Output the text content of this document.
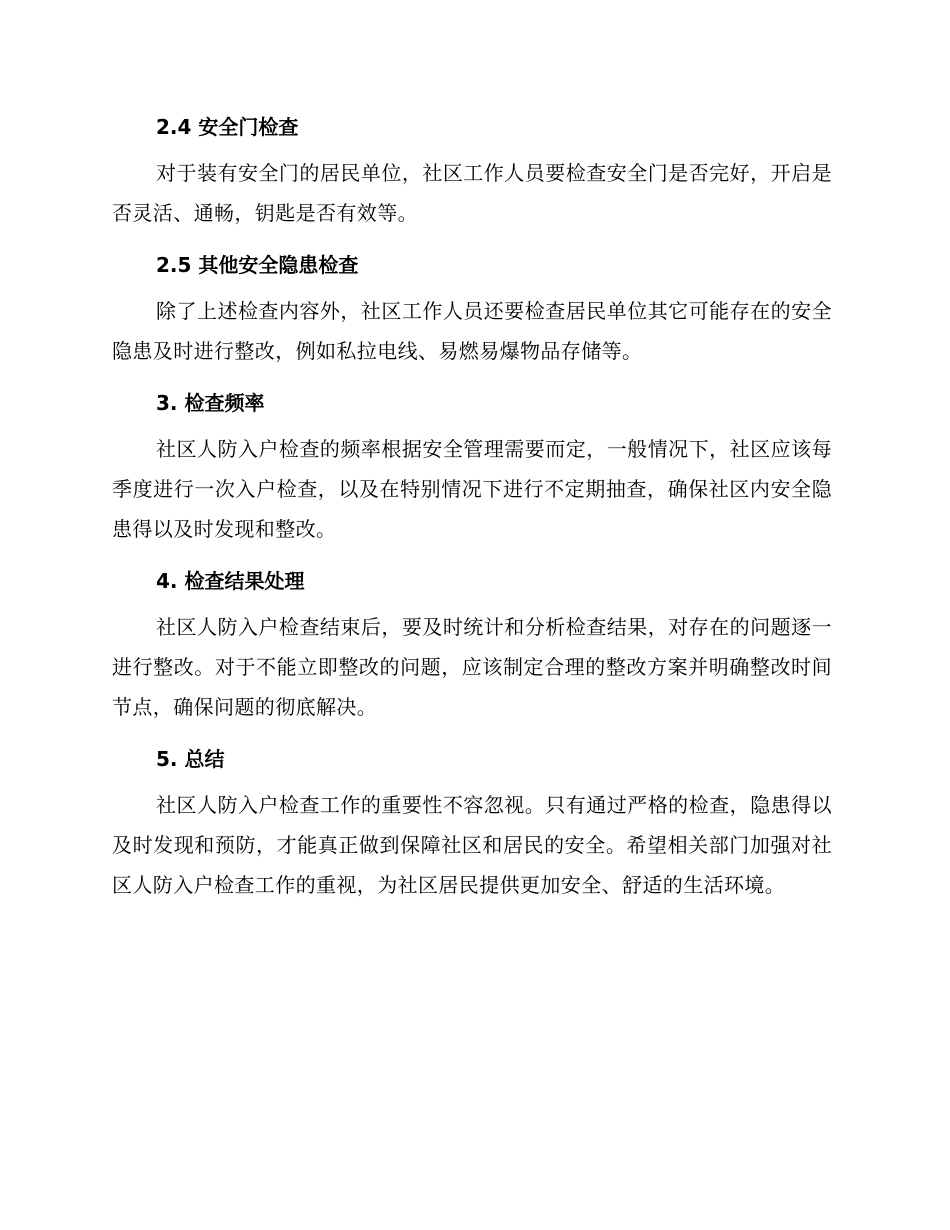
2.4 安全门检查

对于装有安全门的居民单位，社区工作人员要检查安全门是否完好，开启是否灵活、通畅，钥匙是否有效等。

2.5 其他安全隐患检查

除了上述检查内容外，社区工作人员还要检查居民单位其它可能存在的安全隐患及时进行整改，例如私拉电线、易燃易爆物品存储等。

3. 检查频率

社区人防入户检查的频率根据安全管理需要而定，一般情况下，社区应该每季度进行一次入户检查，以及在特别情况下进行不定期抽查，确保社区内安全隐患得以及时发现和整改。

4. 检查结果处理

社区人防入户检查结束后，要及时统计和分析检查结果，对存在的问题逐一进行整改。对于不能立即整改的问题，应该制定合理的整改方案并明确整改时间节点，确保问题的彻底解决。

5. 总结

社区人防入户检查工作的重要性不容忽视。只有通过严格的检查，隐患得以及时发现和预防，才能真正做到保障社区和居民的安全。希望相关部门加强对社区人防入户检查工作的重视，为社区居民提供更加安全、舒适的生活环境。
